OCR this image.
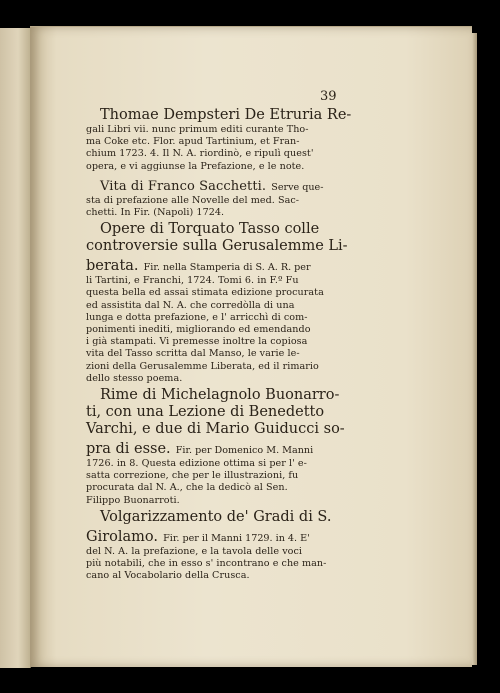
39
Thomae Dempsteri De Etruria Re-
gali Libri vii. nunc primum editi curante Tho-
ma Coke etc. Flor. apud Tartinium, et Fran-
chium 1723. 4. Il N. A. riordinò, e ripulì quest'
opera, e vi aggiunse la Prefazione, e le note.
Vita di Franco Sacchetti. Serve que-
sta di prefazione alle Novelle del med. Sac-
chetti. In Fir. (Napoli) 1724.
Opere di Torquato Tasso colle
controversie sulla Gerusalemme Li-
berata. Fir. nella Stamperia di S. A. R. per
li Tartini, e Franchi, 1724. Tomi 6. in F.º Fu
questa bella ed assai stimata edizione procurata
ed assistita dal N. A. che corredòlla di una
lunga e dotta prefazione, e l' arricchì di com-
ponimenti inediti, migliorando ed emendando
i già stampati. Vi premesse inoltre la copiosa
vita del Tasso scritta dal Manso, le varie le-
zioni della Gerusalemme Liberata, ed il rimario
dello stesso poema.
Rime di Michelagnolo Buonarro-
ti, con una Lezione di Benedetto
Varchi, e due di Mario Guiducci so-
pra di esse. Fir. per Domenico M. Manni
1726. in 8. Questa edizione ottima si per l' e-
satta correzione, che per le illustrazioni, fu
procurata dal N. A., che la dedicò al Sen.
Filippo Buonarroti.
Volgarizzamento de' Gradi di S.
Girolamo. Fir. per il Manni 1729. in 4. E'
del N. A. la prefazione, e la tavola delle voci
più notabili, che in esso s' incontrano e che man-
cano al Vocabolario della Crusca.
